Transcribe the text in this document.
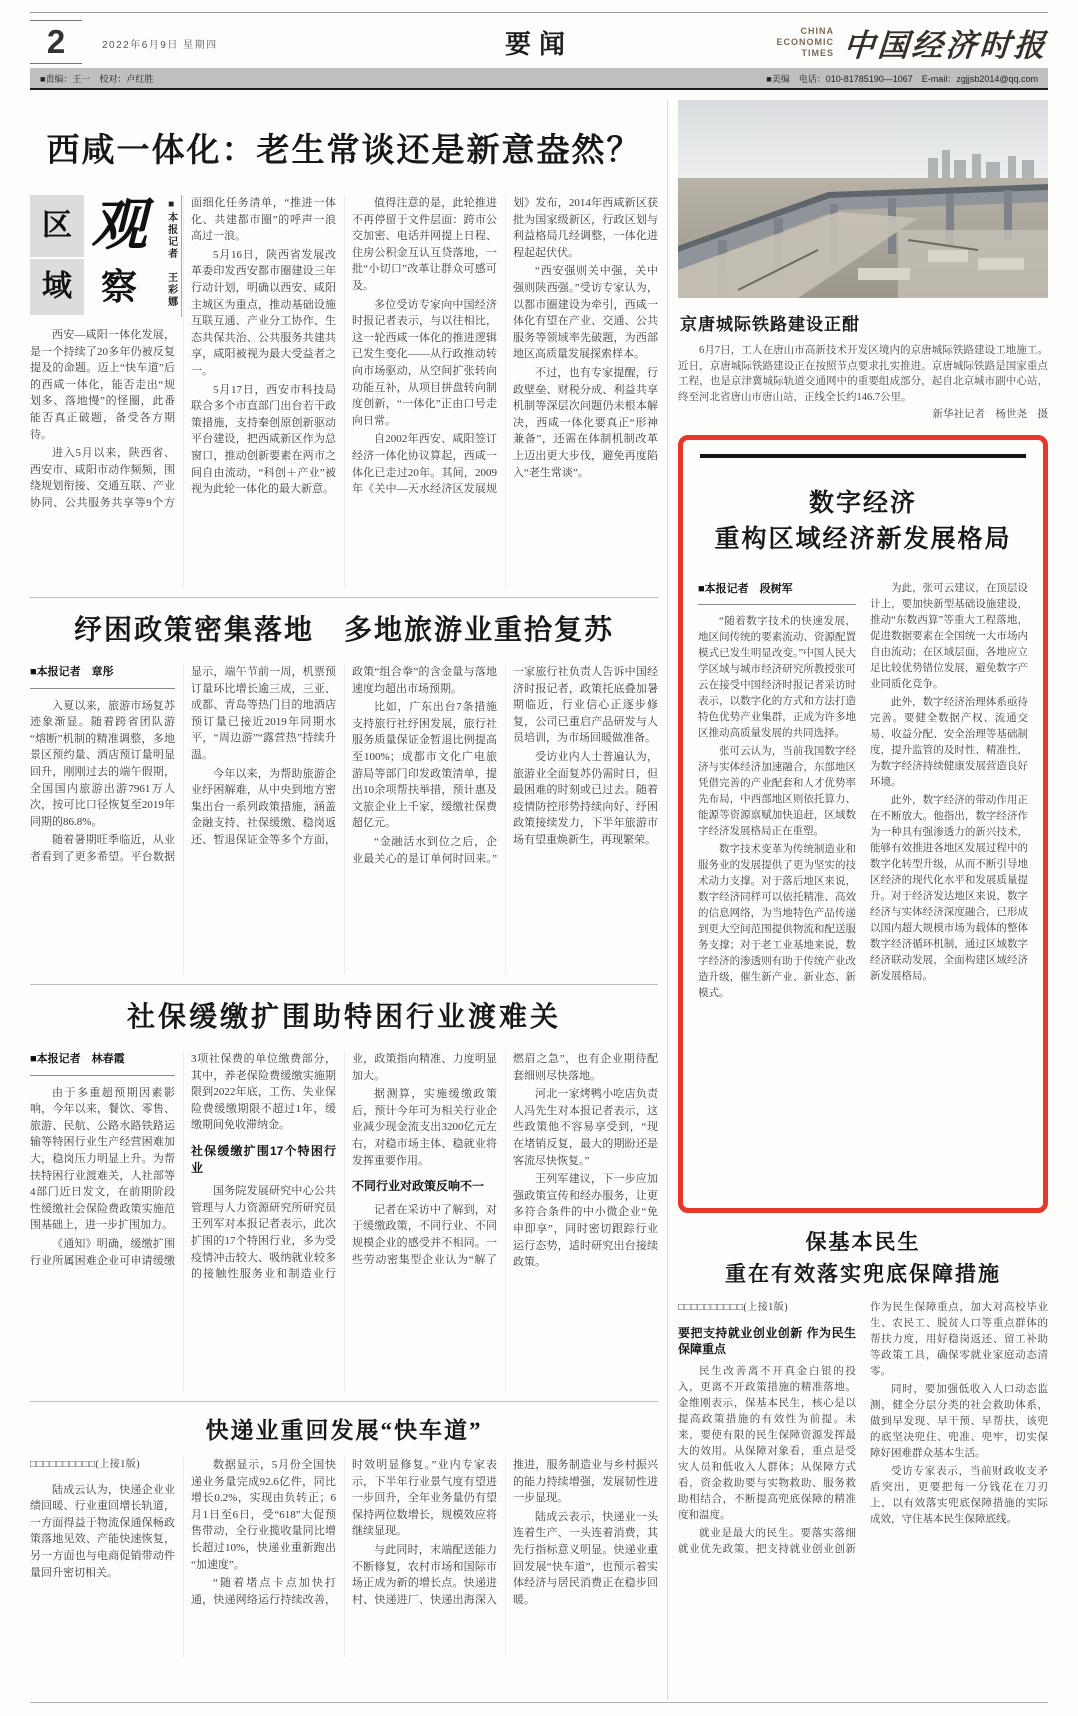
2	2022年6月9日 星期四	要闻	CHINA
ECONOMIC
TIMES 中国经济时报
■责编：王一　校对：卢红胜	■美编　电话：010-81785190—1067　E-mail：zgjjsb2014@qq.com
西咸一体化：老生常谈还是新意盎然？
区 观
域 察	■本报记者　王彩娜

西安—咸阳一体化发展，是一个持续了20多年仍被反复提及的命题。迈上“快车道”后的西咸一体化，能否走出“规划多、落地慢”的怪圈，此番能否真正破题，备受各方期待。

进入5月以来，陕西省、西安市、咸阳市动作频频，围绕规划衔接、交通互联、产业协同、公共服务共享等9个方面细化任务清单，“推进一体化、共建都市圈”的呼声一浪高过一浪。

5月16日，陕西省发展改革委印发西安都市圈建设三年行动计划，明确以西安、咸阳主城区为重点，推动基础设施互联互通、产业分工协作、生态共保共治、公共服务共建共享，咸阳被视为最大受益者之一。

5月17日，西安市科技局联合多个市直部门出台若干政策措施，支持秦创原创新驱动平台建设，把西咸新区作为总窗口，推动创新要素在两市之间自由流动，“科创＋产业”被视为此轮一体化的最大新意。

值得注意的是，此轮推进不再停留于文件层面：跨市公交加密、电话并网提上日程、住房公积金互认互贷落地，一批“小切口”改革让群众可感可及。

多位受访专家向中国经济时报记者表示，与以往相比，这一轮西咸一体化的推进逻辑已发生变化——从行政推动转向市场驱动，从空间扩张转向功能互补，从项目拼盘转向制度创新，“一体化”正由口号走向日常。

自2002年西安、咸阳签订经济一体化协议算起，西咸一体化已走过20年。其间，2009年《关中—天水经济区发展规划》发布，2014年西咸新区获批为国家级新区，行政区划与利益格局几经调整，一体化进程起起伏伏。

“西安强则关中强，关中强则陕西强。”受访专家认为，以都市圈建设为牵引，西咸一体化有望在产业、交通、公共服务等领域率先破题，为西部地区高质量发展探索样本。

不过，也有专家提醒，行政壁垒、财税分成、利益共享机制等深层次问题仍未根本解决，西咸一体化要真正“形神兼备”，还需在体制机制改革上迈出更大步伐，避免再度陷入“老生常谈”。

纾困政策密集落地　多地旅游业重拾复苏

■本报记者　章彤

入夏以来，旅游市场复苏迹象渐显。随着跨省团队游“熔断”机制的精准调整，多地景区预约量、酒店预订量明显回升，刚刚过去的端午假期，全国国内旅游出游7961万人次，按可比口径恢复至2019年同期的86.8%。

随着暑期旺季临近，从业者看到了更多希望。平台数据显示，端午节前一周，机票预订量环比增长逾三成，三亚、成都、青岛等热门目的地酒店预订量已接近2019年同期水平，“周边游”“露营热”持续升温。

今年以来，为帮助旅游企业纾困解难，从中央到地方密集出台一系列政策措施，涵盖金融支持、社保缓缴、稳岗返还、暂退保证金等多个方面，政策“组合拳”的含金量与落地速度均超出市场预期。

比如，广东出台7条措施支持旅行社纾困发展，旅行社服务质量保证金暂退比例提高至100%；成都市文化广电旅游局等部门印发政策清单，提出10余项帮扶举措，预计惠及文旅企业上千家，缓缴社保费超亿元。

“金融活水到位之后，企业最关心的是订单何时回来。”一家旅行社负责人告诉中国经济时报记者，政策托底叠加暑期临近，行业信心正逐步修复，公司已重启产品研发与人员培训，为市场回暖做准备。

受访业内人士普遍认为，旅游业全面复苏仍需时日，但最困难的时刻或已过去。随着疫情防控形势持续向好、纾困政策接续发力，下半年旅游市场有望重焕新生，再现繁荣。

社保缓缴扩围助特困行业渡难关

■本报记者　林春霞

由于多重超预期因素影响，今年以来，餐饮、零售、旅游、民航、公路水路铁路运输等特困行业生产经营困难加大，稳岗压力明显上升。为帮扶特困行业渡难关，人社部等4部门近日发文，在前期阶段性缓缴社会保险费政策实施范围基础上，进一步扩围加力。

《通知》明确，缓缴扩围行业所属困难企业可申请缓缴3项社保费的单位缴费部分，其中，养老保险费缓缴实施期限到2022年底，工伤、失业保险费缓缴期限不超过1年，缓缴期间免收滞纳金。

社保缓缴扩围17个特困行业

国务院发展研究中心公共管理与人力资源研究所研究员王列军对本报记者表示，此次扩围的17个特困行业，多为受疫情冲击较大、吸纳就业较多的接触性服务业和制造业行业，政策指向精准、力度明显加大。

据测算，实施缓缴政策后，预计今年可为相关行业企业减少现金流支出3200亿元左右，对稳市场主体、稳就业将发挥重要作用。

不同行业对政策反响不一

记者在采访中了解到，对于缓缴政策，不同行业、不同规模企业的感受并不相同。一些劳动密集型企业认为“解了燃眉之急”，也有企业期待配套细则尽快落地。

河北一家烤鸭小吃店负责人冯先生对本报记者表示，这些政策他不容易享受到，“现在堵销反复，最大的期盼还是客流尽快恢复。”

王列军建议，下一步应加强政策宣传和经办服务，让更多符合条件的中小微企业“免申即享”，同时密切跟踪行业运行态势，适时研究出台接续政策。

快递业重回发展“快车道”

□□□□□□□□□□(上接1版)

陆成云认为，快递企业业绩回暖、行业重回增长轨道，一方面得益于物流保通保畅政策落地见效、产能快速恢复，另一方面也与电商促销带动件量回升密切相关。

数据显示，5月份全国快递业务量完成92.6亿件，同比增长0.2%，实现由负转正；6月1日至6日，受“618”大促预售带动，全行业揽收量同比增长超过10%，快递业重新跑出“加速度”。

“随着堵点卡点加快打通，快递网络运行持续改善，时效明显修复。”业内专家表示，下半年行业景气度有望进一步回升，全年业务量仍有望保持两位数增长，规模效应将继续显现。

与此同时，末端配送能力不断修复，农村市场和国际市场正成为新的增长点。快递进村、快递进厂、快递出海深入推进，服务制造业与乡村振兴的能力持续增强，发展韧性进一步显现。

陆成云表示，快递业一头连着生产、一头连着消费，其先行指标意义明显。快递业重回发展“快车道”，也预示着实体经济与居民消费正在稳步回暖。

京唐城际铁路建设正酣

6月7日，工人在唐山市高新技术开发区境内的京唐城际铁路建设工地施工。近日，京唐城际铁路建设正在按照节点要求扎实推进。京唐城际铁路是国家重点工程，也是京津冀城际轨道交通网中的重要组成部分，起自北京城市副中心站，终至河北省唐山市唐山站，正线全长约146.7公里。

新华社记者　杨世尧　摄

数字经济
重构区域经济新发展格局

■本报记者　段树军

“随着数字技术的快速发展，地区间传统的要素流动、资源配置模式已发生明显改变。”中国人民大学区域与城市经济研究所教授张可云在接受中国经济时报记者采访时表示，以数字化的方式和方法打造特色优势产业集群，正成为许多地区推动高质量发展的共同选择。

张可云认为，当前我国数字经济与实体经济加速融合，东部地区凭借完善的产业配套和人才优势率先布局，中西部地区则依托算力、能源等资源禀赋加快追赶，区域数字经济发展格局正在重塑。

数字技术变革为传统制造业和服务业的发展提供了更为坚实的技术动力支撑。对于落后地区来说，数字经济同样可以依托精准、高效的信息网络，为当地特色产品传递到更大空间范围提供物流和配送服务支撑；对于老工业基地来说，数字经济的渗透则有助于传统产业改造升级，催生新产业、新业态、新模式。

为此，张可云建议，在顶层设计上，要加快新型基础设施建设，推动“东数西算”等重大工程落地，促进数据要素在全国统一大市场内自由流动；在区域层面，各地应立足比较优势错位发展，避免数字产业同质化竞争。

此外，数字经济治理体系亟待完善。要健全数据产权、流通交易、收益分配、安全治理等基础制度，提升监管的及时性、精准性，为数字经济持续健康发展营造良好环境。

此外，数字经济的带动作用正在不断放大。他指出，数字经济作为一种具有强渗透力的新兴技术，能够有效推进各地区发展过程中的数字化转型升级，从而不断引导地区经济的现代化水平和发展质量提升。对于经济发达地区来说，数字经济与实体经济深度融合，已形成以国内超大规模市场为载体的整体数字经济循环机制，通过区域数字经济联动发展，全面构建区域经济新发展格局。

保基本民生
重在有效落实兜底保障措施

□□□□□□□□□□(上接1版)

要把支持就业创业创新 作为民生保障重点

民生改善离不开真金白银的投入，更离不开政策措施的精准落地。金维刚表示，保基本民生，核心是以提高政策措施的有效性为前提。未来，要使有限的民生保障资源发挥最大的效用。从保障对象看，重点是受灾人员和低收入人群体；从保障方式看，资金救助要与实物救助、服务救助相结合，不断提高兜底保障的精准度和温度。

就业是最大的民生。要落实落细就业优先政策，把支持就业创业创新作为民生保障重点，加大对高校毕业生、农民工、脱贫人口等重点群体的帮扶力度，用好稳岗返还、留工补助等政策工具，确保零就业家庭动态清零。

同时，要加强低收入人口动态监测，健全分层分类的社会救助体系，做到早发现、早干预、早帮扶，该兜的底坚决兜住、兜准、兜牢，切实保障好困难群众基本生活。

受访专家表示，当前财政收支矛盾突出，更要把每一分钱花在刀刃上，以有效落实兜底保障措施的实际成效，守住基本民生保障底线。
